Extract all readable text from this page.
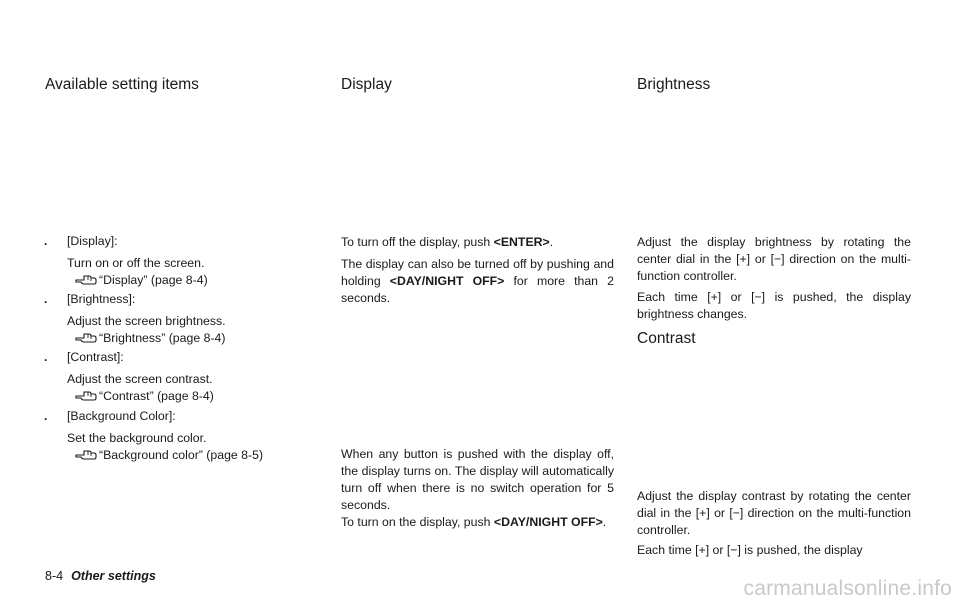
Available setting items
. [Display]:
Turn on or off the screen.
“Display” (page 8-4)
. [Brightness]:
Adjust the screen brightness.
“Brightness” (page 8-4)
. [Contrast]:
Adjust the screen contrast.
“Contrast” (page 8-4)
. [Background Color]:
Set the background color.
“Background color” (page 8-5)
Display

To turn off the display, push <ENTER>.

The display can also be turned off by pushing and holding <DAY/NIGHT OFF> for more than 2 seconds.

When any button is pushed with the display off, the display turns on. The display will automatically turn off when there is no switch operation for 5 seconds.

To turn on the display, push <DAY/NIGHT OFF>.

Brightness

Adjust the display brightness by rotating the center dial in the [+] or [−] direction on the multi-function controller.

Each time [+] or [−] is pushed, the display brightness changes.

Contrast

Adjust the display contrast by rotating the center dial in the [+] or [−] direction on the multi-function controller.

Each time [+] or [−] is pushed, the display

8-4 Other settings
carmanualsonline.info
